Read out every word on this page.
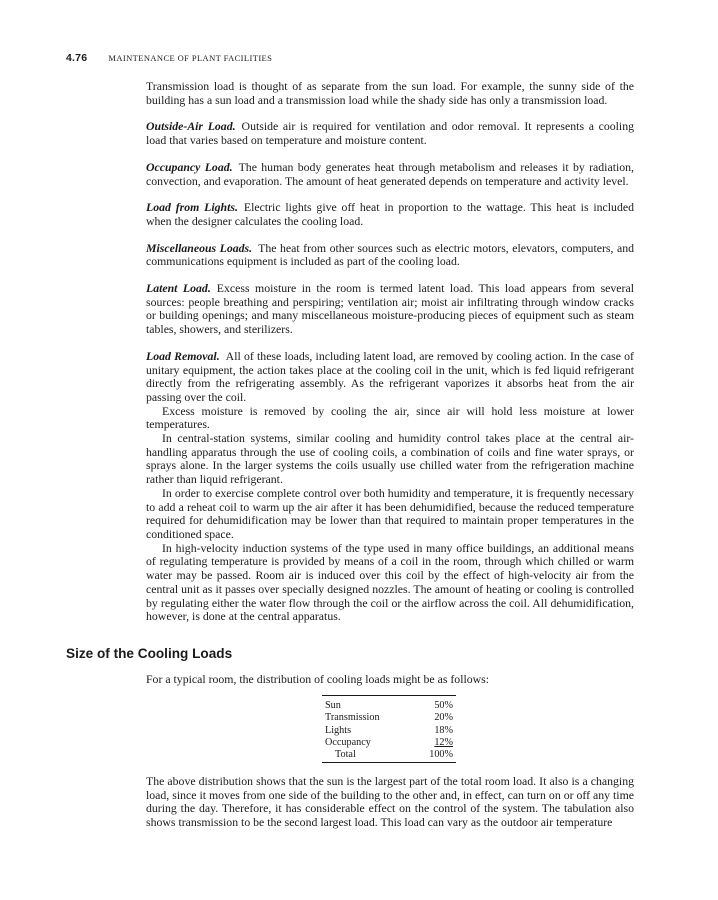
4.76 MAINTENANCE OF PLANT FACILITIES

Transmission load is thought of as separate from the sun load. For example, the sunny side of the building has a sun load and a transmission load while the shady side has only a transmission load.

Outside-Air Load. Outside air is required for ventilation and odor removal. It represents a cooling load that varies based on temperature and moisture content.

Occupancy Load. The human body generates heat through metabolism and releases it by radiation, convection, and evaporation. The amount of heat generated depends on temperature and activity level.

Load from Lights. Electric lights give off heat in proportion to the wattage. This heat is included when the designer calculates the cooling load.

Miscellaneous Loads. The heat from other sources such as electric motors, elevators, computers, and communications equipment is included as part of the cooling load.

Latent Load. Excess moisture in the room is termed latent load. This load appears from several sources: people breathing and perspiring; ventilation air; moist air infiltrating through window cracks or building openings; and many miscellaneous moisture-producing pieces of equipment such as steam tables, showers, and sterilizers.

Load Removal. All of these loads, including latent load, are removed by cooling action. In the case of unitary equipment, the action takes place at the cooling coil in the unit, which is fed liquid refrigerant directly from the refrigerating assembly. As the refrigerant vaporizes it absorbs heat from the air passing over the coil.

Excess moisture is removed by cooling the air, since air will hold less moisture at lower temperatures.

In central-station systems, similar cooling and humidity control takes place at the central air-handling apparatus through the use of cooling coils, a combination of coils and fine water sprays, or sprays alone. In the larger systems the coils usually use chilled water from the refrigeration machine rather than liquid refrigerant.

In order to exercise complete control over both humidity and temperature, it is frequently necessary to add a reheat coil to warm up the air after it has been dehumidified, because the reduced temperature required for dehumidification may be lower than that required to maintain proper temperatures in the conditioned space.

In high-velocity induction systems of the type used in many office buildings, an additional means of regulating temperature is provided by means of a coil in the room, through which chilled or warm water may be passed. Room air is induced over this coil by the effect of high-velocity air from the central unit as it passes over specially designed nozzles. The amount of heating or cooling is controlled by regulating either the water flow through the coil or the airflow across the coil. All dehumidification, however, is done at the central apparatus.

Size of the Cooling Loads
For a typical room, the distribution of cooling loads might be as follows:
Sun	50%
Transmission	20%
Lights	18%
Occupancy	12%
Total	100%
The above distribution shows that the sun is the largest part of the total room load. It also is a changing load, since it moves from one side of the building to the other and, in effect, can turn on or off any time during the day. Therefore, it has considerable effect on the control of the system. The tabulation also shows transmission to be the second largest load. This load can vary as the outdoor air temperature
